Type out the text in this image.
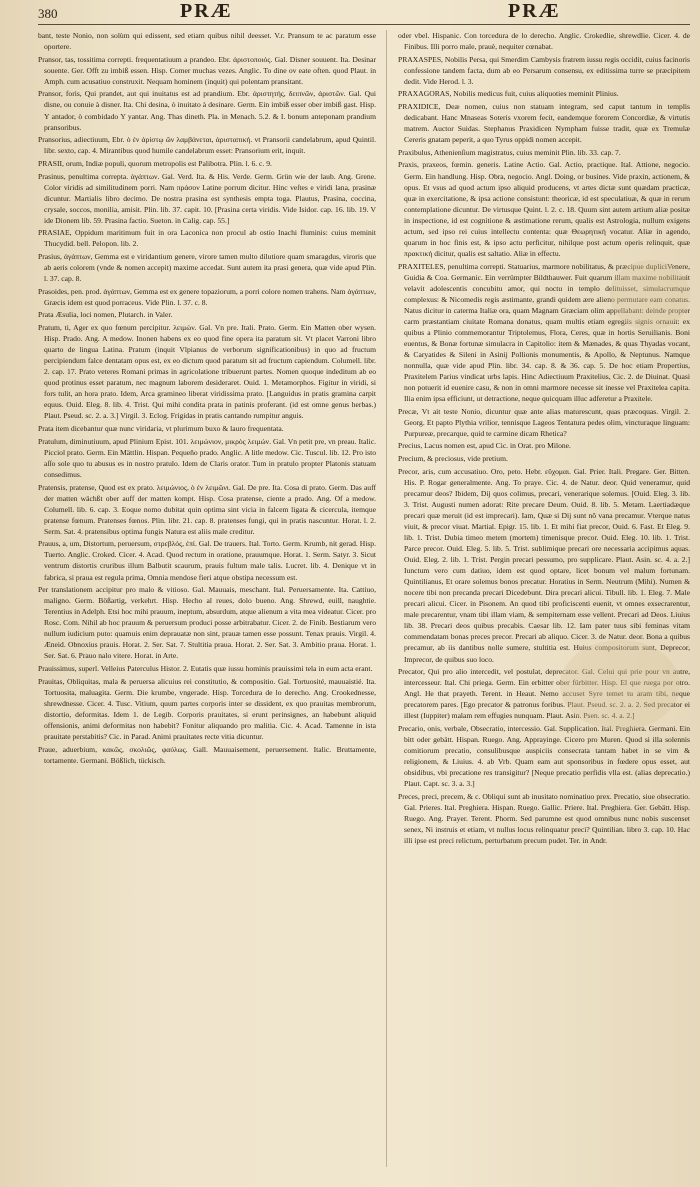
380	PRÆ	PRÆ

bant, teste Nonio, non solùm qui edissent, sed etiam quibus nihil deesset. V.r. Pransum te ac paratum esse oportere.

Pransor, tas, tossitima correpti. frequentatiuum a prandeo. Ebr. ἀριστοποιός. Gal. Disner souuent. Ita. Desinar souente. Ger. Offt zu imbiß essen. Hisp. Comer muchas vezes. Anglic. To dine ov eate often. quod Plaut. in Amph. cum acusatiuo construxit. Nequam hominem (inquit) qui polentam pransitant.

Pransor, foris, Qui prandet, aut qui inuitatus est ad prandium. Ebr. ἀριστητής, δειπνῶν, ἀριστῶν. Gal. Qui disne, ou conuie à disner. Ita. Chi desina, ò inuitato à desinare. Germ. Ein imbiß esser ober imbiß gast. Hisp. Y antador, ò combidado Y yantar. Ang. Thas dineth. Pla. in Menach. 5.2. & I. bonum anteponam prandium pransoribus.

Pransorius, adiectiuum, Ebr. ὁ ἐν ἀρίστῳ ὤν λαμβάνεται, ἀρισταπική. vt Pransorii candelabrum, apud Quintil. libr. sexto, cap. 4. Mirantibus quod humile candelabrum esset: Pransorium erit, inquit.

PRASII, orum, Indiæ populi, quorum metropolis est Palibotra. Plin. l. 6. c. 9.

Prasinus, penultima correpta. ἀγάπτων. Gal. Verd. Ita. & His. Verde. Germ. Grün wie der laub. Ang. Grene. Color viridis ad similitudinem porri. Nam πράσον Latine porrum dicitur. Hinc veſtes e viridi lana, prasinæ dicuntur. Martialis libro decimo. De nostra prasina est synthesis empta toga. Plautus, Prasina, coccina, crysale, soccos, monilia, amisit. Plin. lib. 37. capit. 10. [Prasina certa viridis. Vide Isidor. cap. 16. lib. 19. V ide Dionem lib. 59. Prasina factio. Sueton. in Calig. cap. 55.]

PRASIAE, Oppidum maritimum fuit in ora Laconica non procul ab ostio Inachi fluminis: cuius meminit Thucydid. bell. Pelopon. lib. 2.

Prasius, ἀγάπτων, Gemma est e viridantium genere, virore tamen multo dilutiore quam smaragdus, viroris que ab aeris colorem (vnde & nomen accepit) maxime accedat. Sunt autem ita prasi genera, quæ vide apud Plin. l. 37. cap. 8.

Prasoides, pen. prod. ἀγάπτων, Gemma est ex genere topaziorum, a porri colore nomen trahens. Nam ἀγάπτων, Græcis idem est quod porraceus. Vide Plin. l. 37. c. 8.

Prata Æsulia, loci nomen, Plutarch. in Valer.

Pratum, ti, Ager ex quo fœnum percipitur. λειμών. Gal. Vn pre. Itali. Prato. Germ. Ein Matten ober wysen. Hisp. Prado. Ang. A medow. Inonen habens ex eo quod fine opera ita paratum sit. Vt placet Varroni libro quarto de lingua Latina. Pratum (inquit Vlpianus de verborum significationibus) in quo ad fructum percipiendum falce dentatam opus est, ex eo dictum quod paratum sit ad fructum capiendum. Columell. libr. 2. cap. 17. Prato veteres Romani primas in agricolatione tribuerunt partes. Nomen quoque indeditum ab eo quod protinus esset paratum, nec magnum laborem desideraret. Ouid. 1. Metamorphos. Figitur in viridi, si fors tulit, an hora prato. Idem, Arca gramineo liberat viridissima prato. [Languidus in pratis gramina carpit equus. Ouid. Eleg. 8. lib. 4. Trist. Qui mihi condita prata in patinis proferant. (id est omne genus herbas.) Plaut. Pseud. sc. 2. a. 3.] Virgil. 3. Eclog. Frigidas in pratis cantando rumpitur anguis.

Prata item dicebantur quæ nunc viridaria, vt plurimum buxo & lauro frequentata.

Pratulum, diminutiuum, apud Plinium Epist. 101. λειμώνιον, μικρὸς λειμών. Gal. Vn petit pre, vn preau. Italic. Picciol prato. Germ. Ein Mättlin. Hispan. Pequeño prado. Anglic. A litle medow. Cic. Tuscul. lib. 12. Pro isto aſſo sole quo tu abusus es in nostro pratulo. Idem de Claris orator. Tum in pratulo propter Platonis statuam consedimus.

Pratensis, pratense, Quod est ex prato. λειμώνιος, ὁ ἐν λειμῶνι. Gal. De pre. Ita. Cosa di prato. Germ. Das auff der matten wächßt ober auff der matten kompt. Hisp. Cosa pratense, ciente a prado. Ang. Of a medow. Columell. lib. 6. cap. 3. Eoque nomo dubitat quin optima sint vicia in falcem ligata & cicercula, itemque pratense fœnum. Pratenses fœnos. Plin. libr. 21. cap. 8. pratenses fungi, qui in pratis nascuntur. Horat. l. 2. Serm. Sat. 4. pratensibus optima fungis Natura est aliis male creditur.

Prauus, a, um, Distortum, peruersum, στρεβλός, ἐπί. Gal. De trauers. Ital. Torto. Germ. Krumb, nit gerad. Hisp. Tuerto. Anglic. Croked. Cicer. 4. Acad. Quod rectum in oratione, prauumque. Horat. 1. Serm. Satyr. 3. Sicut ventrum distortis cruribus illum Balbutit scaurum, prauis fultum male talis. Lucret. lib. 4. Denique vt in fabrica, si praua est regula prima, Omnia mendose fieri atque obstipa necessum est.

Per translationem accipitur pro malo & vitioso. Gal. Mauuais, meschant. Ital. Peruersamente. Ita. Cattiuo, maligno. Germ. Bößartig, verkehrt. Hisp. Hecho al reues, dolo bueno. Ang. Shrewd, euill, naughtie. Terentius in Adelph. Etsi hoc mihi prauum, ineptum, absurdum, atque alienum a vita mea videatur. Cicer. pro Rosc. Com. Nihil ab hoc prauum & peruersum produci posse arbitrabatur. Cicer. 2. de Finib. Bestiarum vero nullum iudicium puto: quamuis enim deprauatæ non sint, prauæ tamen esse possunt. Tenax prauis. Virgil. 4. Æneid. Obnoxius prauis. Horat. 2. Ser. Sat. 7. Stultitia praua. Horat. 2. Ser. Sat. 3. Ambitio praua. Horat. 1. Ser. Sat. 6. Prauo nalo vitere. Horat. in Arte.

Prauissimus, superl. Velleius Paterculus Histor. 2. Eutatis quæ iussu hominis prauissimi tela in eum acta erant.

Prauitas, Obliquitas, mala & peruersa alicuius rei constitutio, & compositio. Gal. Tortuosité, mauuaistié. Ita. Tortuosita, maluagita. Germ. Die krumbe, vngerade. Hisp. Torcedura de lo derecho. Ang. Crookednesse, shrewdnesse. Cicer. 4. Tusc. Vitium, quum partes corporis inter se dissident, ex quo prauitas membrorum, distortio, deformitas. Idem 1. de Legib. Corporis prauitates, si erunt perinsignes, an habebunt aliquid offensionis, animi deformitas non habebit? Fonitur aliquando pro malitia. Cic. 4. Acad. Tamenne in ista prauitate perstabitis? Cic. in Parad. Animi prauitates recte vitia dicuntur.

Praue, aduerbium, κακῶς, σκολιῶς, φαύλως. Gall. Mauuaisement, peruersement. Italic. Bruttamente, tortamente. Germani. Bößlich, tückisch.

oder vbel. Hispanic. Con torcedura de lo derecho. Anglic. Crokedlie, shrewdlie. Cicer. 4. de Finibus. Illi porro male, prauè, nequiter cœnabat.

PRAXASPES, Nobilis Persa, qui Smerdim Cambysis fratrem iussu regis occidit, cuius facinoris confessione tandem facta, dum ab eo Persarum consensu, ex editissima turre se præcipitem dedit. Vide Herod. l. 3.

PRAXAGORAS, Nobilis medicus fuit, cuius aliquoties meminit Plinius.

PRAXIDICE, Deæ nomen, cuius non statuam integram, sed caput tantum in templis dedicabant. Hanc Mnaseas Soteris vxorem fecit, eandemque fororem Concordiæ, & virtutis matrem. Auctor Suidas. Stephanus Praxidicen Nympham fuisse tradit, quæ ex Tremulæ Cereris gnatam peperit, a quo Tyrus oppidi nomen accepit.

Praxibulus, Athenienſium magistratus, cuius meminit Plin. lib. 33. cap. 7.

Praxis, praxeos, fœmin. generis. Latine Actio. Gal. Actio, practique. Ital. Attione, negocio. Germ. Ein handlung. Hisp. Obra, negocio. Angl. Doing, or busines. Vide praxin, actionem, & opus. Et vsus ad quod actum ipso aliquid producens, vt artes dictæ sunt quædam practicæ, quæ in exercitatione, & ipsa actione consistunt: theoricæ, id est speculatiuæ, & quæ in rerum contemplatione dicuntur. De virtusque Quint. l. 2. c. 18. Quum sint autem artium aliæ positæ in inspectione, id est cognitione & æstimatione rerum, qualis est Astrologia, nullum exigens actum, sed ipso rei cuius intellectu contenta: quæ Θεωρητική vocatur. Aliæ in agendo, quarum in hoc finis est, & ipso actu perficitur, nihilque post actum operis relinquit, quæ πρακτική dicitur, qualis est saltatio. Aliæ in effectu.

PRAXITELES, penultima correpti. Statuarius, marmore nobilitatus, & præcipue dupliciVenere, Guidia & Coa. Germanic. Ein verrümpter Bildthauwer. Fuit quarum illam maxime nobilitauit velavit adolescentis concubitu amor, qui noctu in templo delituisset, simulacrumque complexus: & Nicomedis regis æstimante, grandi quidem ære alieno permutare eam conatus. Natus dicitur in caterma Italiæ ora, quam Magnam Græciam olim appellabant: deinde propter carm præstantiam ciuitate Romana donatus, quam multis etiam egregiis signis ornauit: ex quibus a Plinio commemorantur Triptolemus, Flora, Ceres, quæ in hortis Seruilianis. Boni euentus, & Bonæ fortunæ simulacra in Capitolio: item & Mænades, & quas Thyadas vocant, & Caryatides & Sileni in Asinij Pollionis monumentis, & Apollo, & Neptunus. Namque nonnulla, quæ vide apud Plin. libr. 34. cap. 8. & 36. cap. 5. De hoc etiam Propertius, Praxitelem Parius vindicat urbs lapis. Hinc Adiectiuum Praxitelius, Cic. 2. de Diuinat. Quasi non potuerit id euenire casu, & non in omni marmore necesse sit inesse vel Praxitelea capita. Ilia enim ipsa efficiunt, ut detractione, neque quicquam illuc adferetur a Praxitele.

Precæ, Vt ait teste Nonio, dicuntur quæ ante alias maturescunt, quas præcoquas. Virgil. 2. Georg. Et papto Plythia vrilior, tennisque Lageos Tentatura pedes olim, vincturaque linguam: Purpureæ, precarque, quid te carmine dicam Rhetica?

Precius, Lacus nomen est, apud Cic. in Orat. pro Milone.

Precium, & preciosus, vide pretium.

Precor, aris, cum accusatiuo. Oro, peto. Hebr. εὔχομαι. Gal. Prier. Itali. Pregare. Ger. Bitten. His. P. Rogar generalmente. Ang. To praye. Cic. 4. de Natur. deor. Quid veneramur, quid precamur deos? Ibidem, Dij quos colimus, precari, venerarique solemus. [Ouid. Eleg. 3. lib. 3. Trist. Augusti numen adorat: Rite precare Deum. Ouid. 8. lib. 5. Metam. Laertiadæque precari quæ meruit (id est imprecari). Iam, Quæ si Dij sunt nô vana precamur. Vterque natus viuit, & precor viuat. Martial. Epigr. 15. lib. 1. Et mihi fiat precor, Ouid. 6. Fast. Et Eleg. 9. lib. 1. Trist. Dubia timeo metem (mortem) timenisque precor. Ouid. Eleg. 10. lib. 1. Trist. Parce precor. Ouid. Eleg. 5. lib. 5. Trist. sublimique precari ore necessaria accipimus aquas. Ouid. Eleg. 2. lib. 1. Trist. Pergin precari pessumo, pro supplicare. Plaut. Asin. sc. 4. a. 2.] Iunctum vero cum datiuo, idem est quod optare, licet bonum vel malum fortunam. Quintilianus, Et orare solemus bonos precatur. Horatius in Serm. Neutrum (Mihi). Numen & nocere tibi non precanda precari Dicedebunt. Dira precari alicui. Tibull. lib. 1. Eleg. 7. Male precari alicui. Cicer. in Pisonem. An quod tibi proficiscenti euenit, vt omnes exsecrarentur, male precarentur, vnam tibi illam viam, & sempiternam esse vellent. Precari ad Deos. Liuius lib. 38. Precari deos quibus precabis. Caesar lib. 12. Iam pater tuus sibi feminas vitam commendatam bonas preces precor. Precari ab aliquo. Cicer. 3. de Natur. deor. Bona a quibus precamur, ab iis dantibus nolle sumere, stultitia est. Huius compositorum sunt, Deprecor, Imprecor, de quibus suo loco.

Precator, Qui pro alio intercedit, vel postulat, deprecator. Gal. Celui qui prie pour vn autre, intercesseur. Ital. Chi priega. Germ. Ein erbitter ober fürbitter. Hisp. El que ruega por otro. Angl. He that prayeth. Terent. in Heaut. Nemo accuset Syre temet tu aram tibi, neque precatorem pares. [Ego precator & patronus foribus. Plaut. Pseud. sc. 2. a. 2. Sed precator ei illest (Iuppiter) malam rem effugies nunquam. Plaut. Asin. Psen. sc. 4. a. 2.]

Precario, onis, verbale, Obsecratio, intercessio. Gal. Supplication. Ital. Preghiera. Germani. Ein bitt oder gebätt. Hispan. Ruego. Ang. Apprayinge. Cicero pro Muren. Quod si illa solennis comitiorum precatio, consulibusque auspiciis consecrata tantam habet in se vim & religionem, & Liuius. 4. ab Vrb. Quam eam aut sponsoribus in fœdere opus esset, aut obsidibus, vbi precatione res transigitur? [Neque precatio perfidis vlla est. (alias deprecatio.) Plaut. Capt. sc. 3. a. 3.]

Preces, preci, precem, & c. Obliqui sunt ab inusitato nominatiuo prex. Precatio, siue obsecratio. Gal. Prieres. Ital. Preghiera. Hispan. Ruego. Gallic. Priere. Ital. Preghiera. Ger. Gebätt. Hisp. Ruego. Ang. Prayer. Terent. Phorm. Sed parumne est quod omnibus nunc nobis suscenset senex, Ni instruis et etiam, vt nullus locus relinquatur preci? Quintilian. libro 3. cap. 10. Hac illi ipse est preci relictum, perturbatum precum pudet. Ter. in Andr.
